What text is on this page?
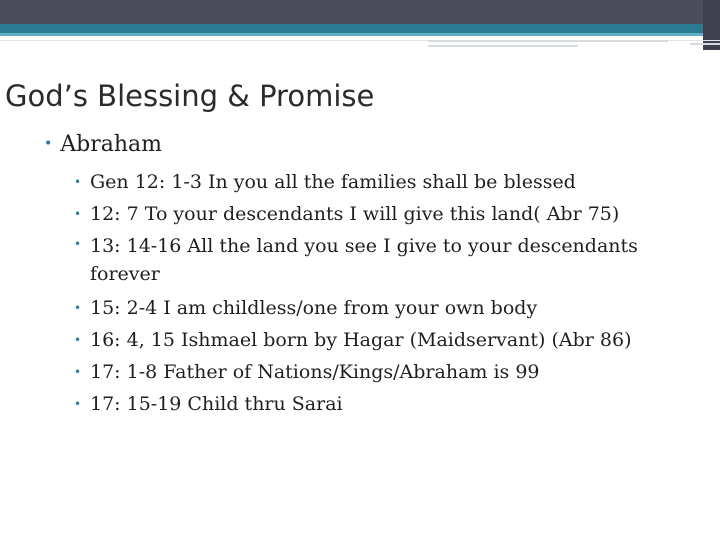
God’s Blessing & Promise
• Abraham
• Gen 12: 1-3 In you all the families shall be blessed
• 12: 7 To your descendants I will give this land( Abr 75)
• 13: 14-16 All the land you see I give to your descendants forever
• 15: 2-4 I am childless/one from your own body
• 16: 4, 15 Ishmael born by Hagar (Maidservant) (Abr 86)
• 17: 1-8 Father of Nations/Kings/Abraham is 99
• 17: 15-19 Child thru Sarai
